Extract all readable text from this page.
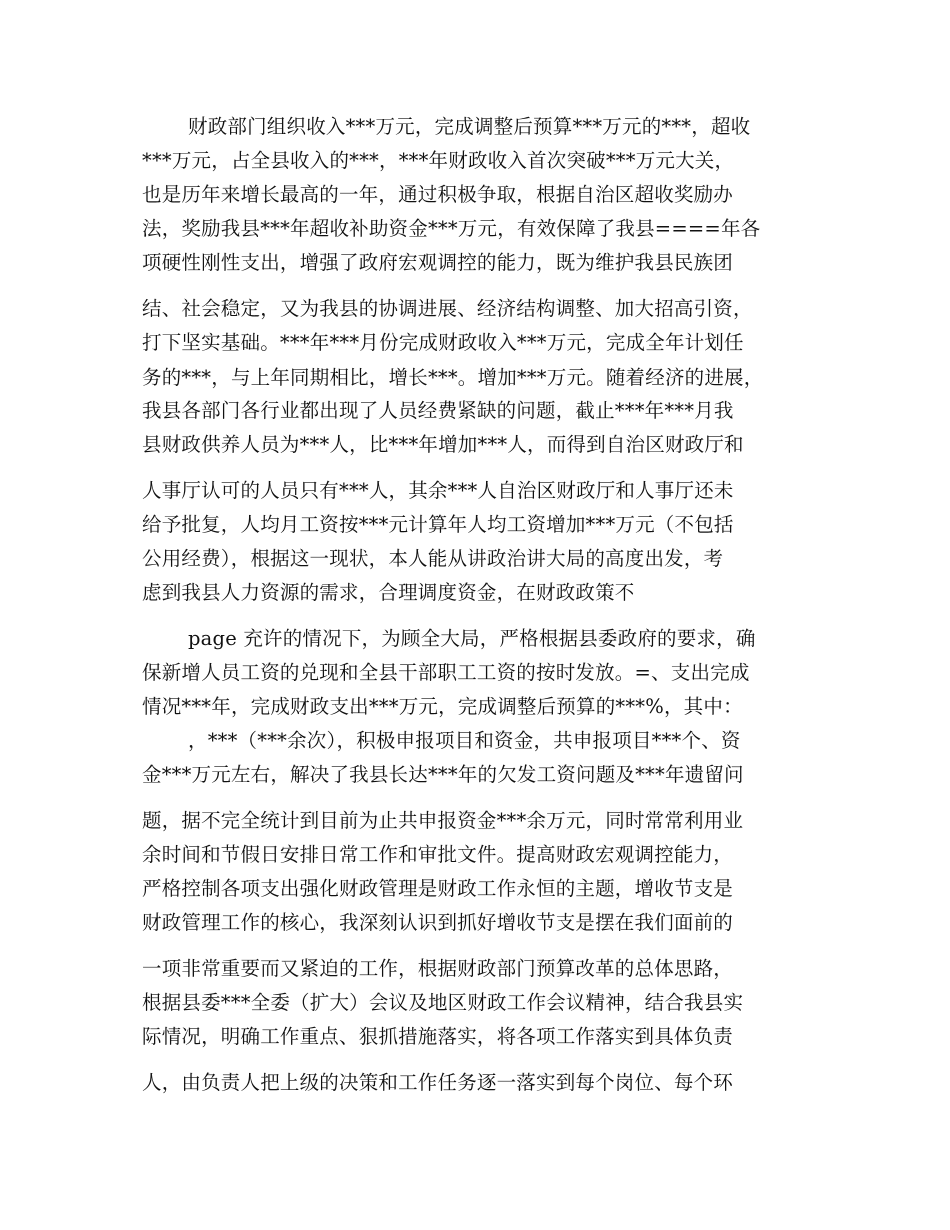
财政部门组织收入***万元，完成调整后预算***万元的***，超收
***万元，占全县收入的***，***年财政收入首次突破***万元大关，
也是历年来增长最高的一年，通过积极争取，根据自治区超收奖励办
法，奖励我县***年超收补助资金***万元，有效保障了我县====年各
项硬性刚性支出，增强了政府宏观调控的能力，既为维护我县民族团
结、社会稳定，又为我县的协调进展、经济结构调整、加大招高引资，
打下坚实基础。***年***月份完成财政收入***万元，完成全年计划任
务的***，与上年同期相比，增长***。增加***万元。随着经济的进展，
我县各部门各行业都出现了人员经费紧缺的问题，截止***年***月我
县财政供养人员为***人，比***年增加***人，而得到自治区财政厅和
人事厅认可的人员只有***人，其余***人自治区财政厅和人事厅还未
给予批复，人均月工资按***元计算年人均工资增加***万元（不包括
公用经费），根据这一现状，本人能从讲政治讲大局的高度出发，考
虑到我县人力资源的需求，合理调度资金，在财政政策不
page 充许的情况下，为顾全大局，严格根据县委政府的要求，确
保新增人员工资的兑现和全县干部职工工资的按时发放。=、支出完成
情况***年，完成财政支出***万元，完成调整后预算的***%，其中：
，***（***余次），积极申报项目和资金，共申报项目***个、资
金***万元左右，解决了我县长达***年的欠发工资问题及***年遗留问
题，据不完全统计到目前为止共申报资金***余万元，同时常常利用业
余时间和节假日安排日常工作和审批文件。提高财政宏观调控能力，
严格控制各项支出强化财政管理是财政工作永恒的主题，增收节支是
财政管理工作的核心，我深刻认识到抓好增收节支是摆在我们面前的
一项非常重要而又紧迫的工作，根据财政部门预算改革的总体思路，
根据县委***全委（扩大）会议及地区财政工作会议精神，结合我县实
际情况，明确工作重点、狠抓措施落实，将各项工作落实到具体负责
人，由负责人把上级的决策和工作任务逐一落实到每个岗位、每个环
